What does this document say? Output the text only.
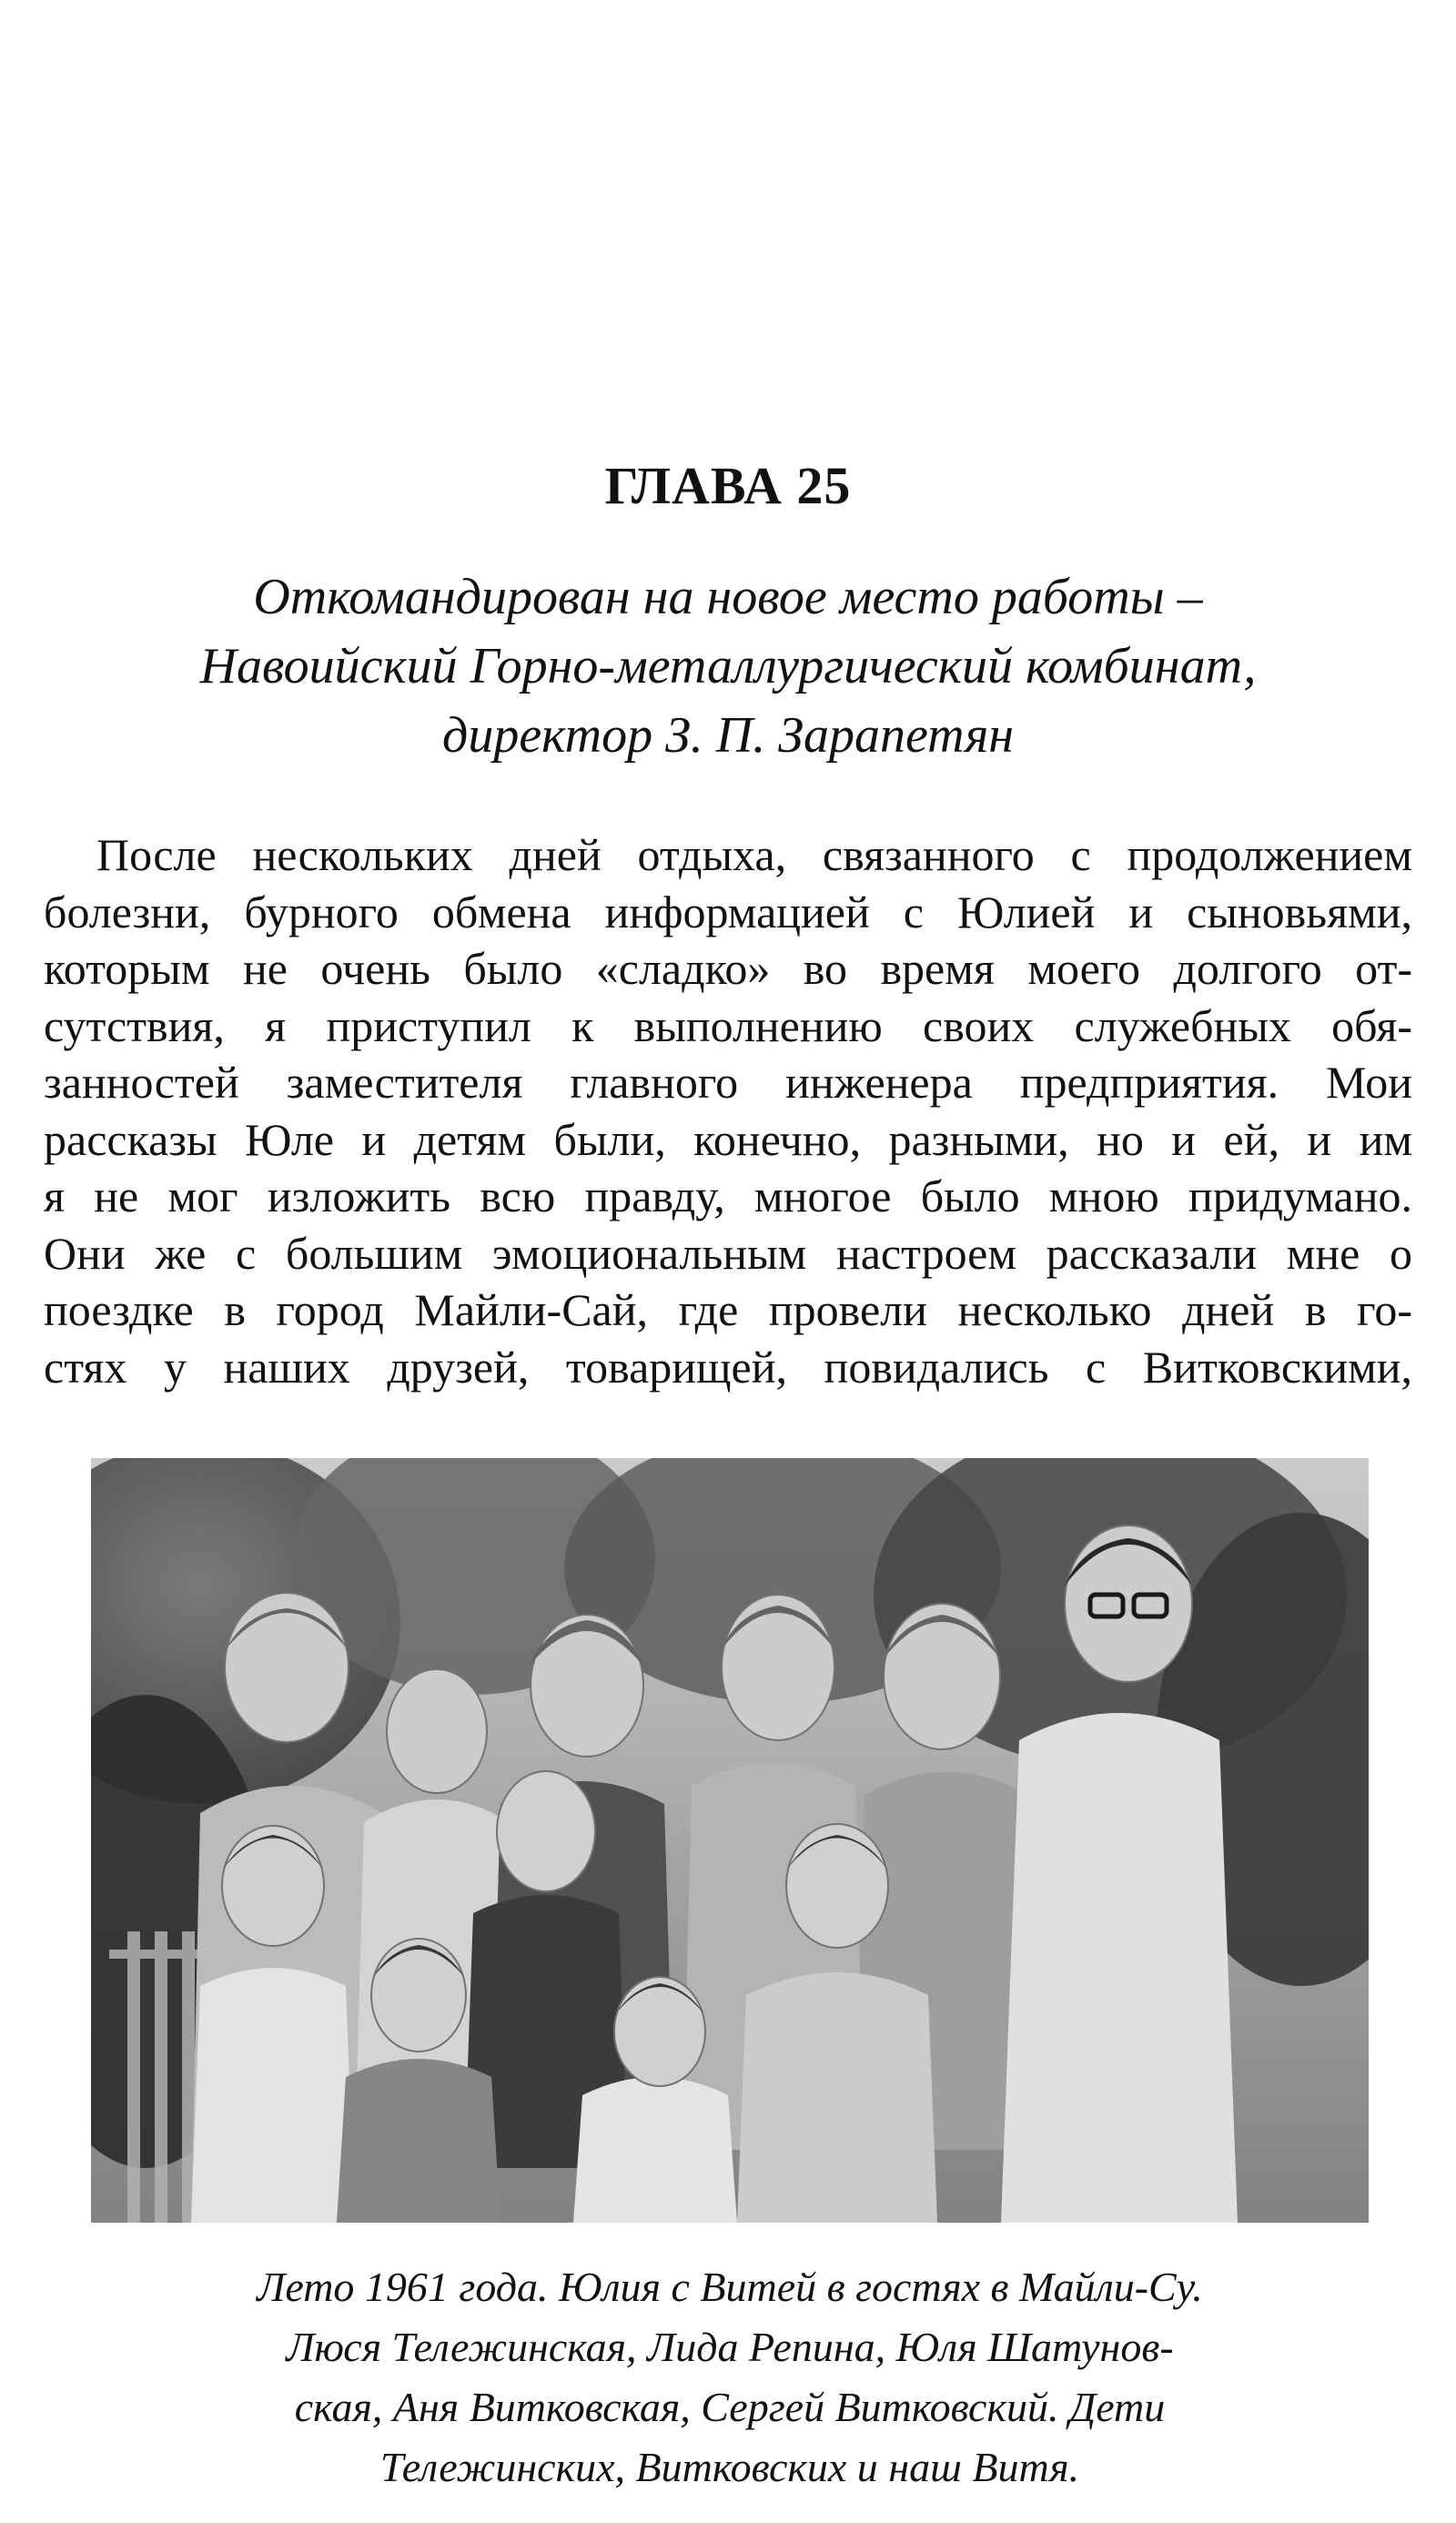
ГЛАВА 25

Откомандирован на новое место работы –
Навоийский Горно-металлургический комбинат,
директор З. П. Зарапетян

После нескольких дней отдыха, связанного с продолжением
болезни, бурного обмена информацией с Юлией и сыновьями,
которым не очень было «сладко» во время моего долгого от-
сутствия, я приступил к выполнению своих служебных обя-
занностей заместителя главного инженера предприятия. Мои
рассказы Юле и детям были, конечно, разными, но и ей, и им
я не мог изложить всю правду, многое было мною придумано.
Они же с большим эмоциональным настроем рассказали мне о
поездке в город Майли-Сай, где провели несколько дней в го-
стях у наших друзей, товарищей, повидались с Витковскими,

Лето 1961 года. Юлия с Витей в гостях в Майли-Су.
Люся Тележинская, Лида Репина, Юля Шатунов-
ская, Аня Витковская, Сергей Витковский. Дети
Тележинских, Витковских и наш Витя.
